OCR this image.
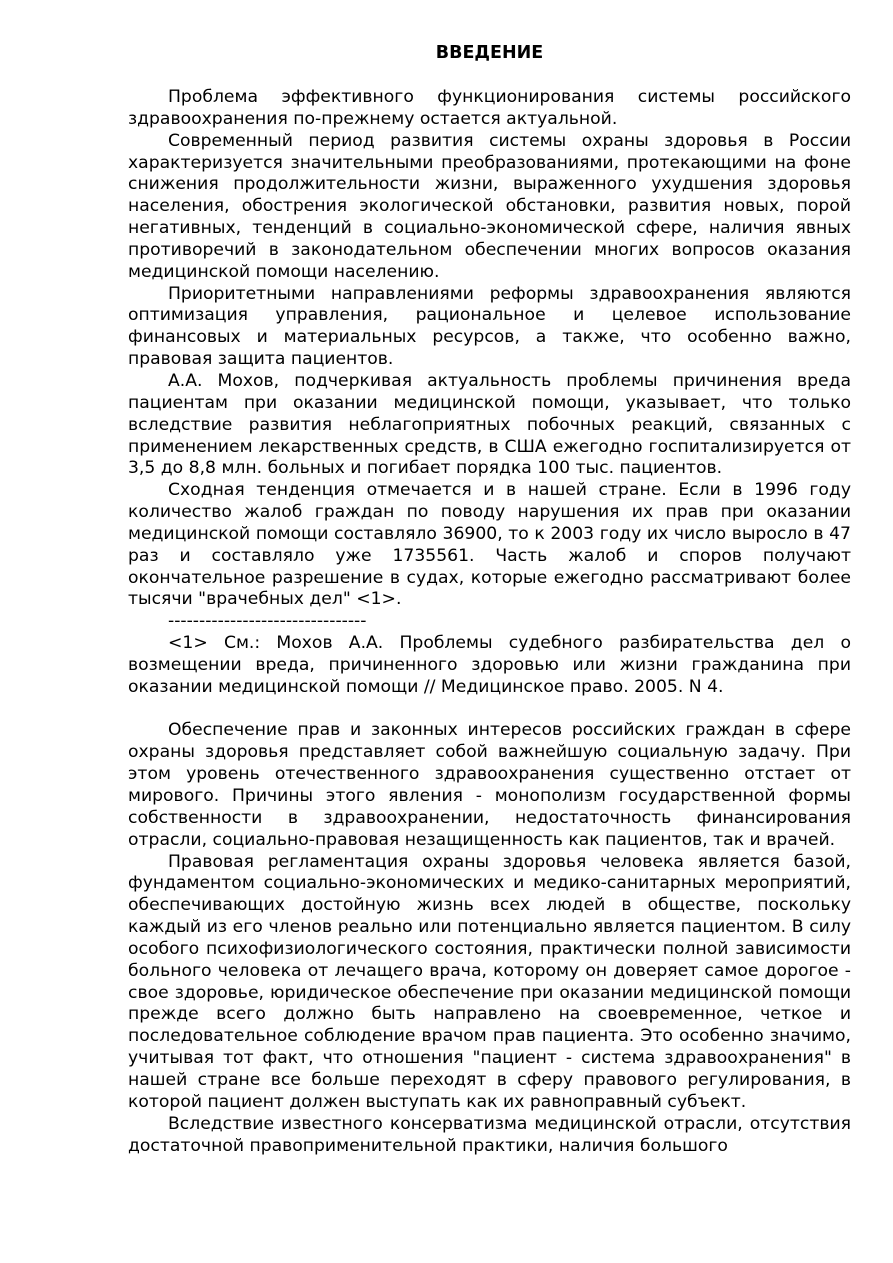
ВВЕДЕНИЕ

Проблема эффективного функционирования системы российского здравоохранения по-прежнему остается актуальной.

Современный период развития системы охраны здоровья в России характеризуется значительными преобразованиями, протекающими на фоне снижения продолжительности жизни, выраженного ухудшения здоровья населения, обострения экологической обстановки, развития новых, порой негативных, тенденций в социально-экономической сфере, наличия явных противоречий в законодательном обеспечении многих вопросов оказания медицинской помощи населению.

Приоритетными направлениями реформы здравоохранения являются оптимизация управления, рациональное и целевое использование финансовых и материальных ресурсов, а также, что особенно важно, правовая защита пациентов.

А.А. Мохов, подчеркивая актуальность проблемы причинения вреда пациентам при оказании медицинской помощи, указывает, что только вследствие развития неблагоприятных побочных реакций, связанных с применением лекарственных средств, в США ежегодно госпитализируется от 3,5 до 8,8 млн. больных и погибает порядка 100 тыс. пациентов.

Сходная тенденция отмечается и в нашей стране. Если в 1996 году количество жалоб граждан по поводу нарушения их прав при оказании медицинской помощи составляло 36900, то к 2003 году их число выросло в 47 раз и составляло уже 1735561. Часть жалоб и споров получают окончательное разрешение в судах, которые ежегодно рассматривают более тысячи "врачебных дел" <1>.

--------------------------------

<1> См.: Мохов А.А. Проблемы судебного разбирательства дел о возмещении вреда, причиненного здоровью или жизни гражданина при оказании медицинской помощи // Медицинское право. 2005. N 4.

Обеспечение прав и законных интересов российских граждан в сфере охраны здоровья представляет собой важнейшую социальную задачу. При этом уровень отечественного здравоохранения существенно отстает от мирового. Причины этого явления - монополизм государственной формы собственности в здравоохранении, недостаточность финансирования отрасли, социально-правовая незащищенность как пациентов, так и врачей.

Правовая регламентация охраны здоровья человека является базой, фундаментом социально-экономических и медико-санитарных мероприятий, обеспечивающих достойную жизнь всех людей в обществе, поскольку каждый из его членов реально или потенциально является пациентом. В силу особого психофизиологического состояния, практически полной зависимости больного человека от лечащего врача, которому он доверяет самое дорогое - свое здоровье, юридическое обеспечение при оказании медицинской помощи прежде всего должно быть направлено на своевременное, четкое и последовательное соблюдение врачом прав пациента. Это особенно значимо, учитывая тот факт, что отношения "пациент - система здравоохранения" в нашей стране все больше переходят в сферу правового регулирования, в которой пациент должен выступать как их равноправный субъект.

Вследствие известного консерватизма медицинской отрасли, отсутствия достаточной правоприменительной практики, наличия большого
